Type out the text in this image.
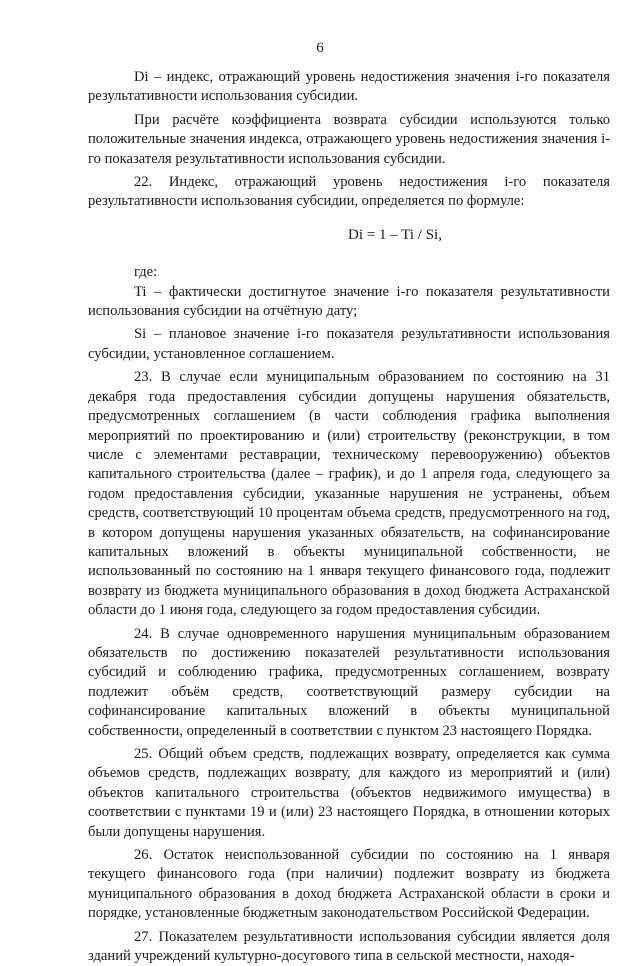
6

Di – индекс, отражающий уровень недостижения значения i-го показателя результативности использования субсидии.

При расчёте коэффициента возврата субсидии используются только положительные значения индекса, отражающего уровень недостижения значения i-го показателя результативности использования субсидии.

22. Индекс, отражающий уровень недостижения i-го показателя результативности использования субсидии, определяется по формуле:

Di = 1 – Ti / Si,

где:

Ti – фактически достигнутое значение i-го показателя результативности использования субсидии на отчётную дату;

Si – плановое значение i-го показателя результативности использования субсидии, установленное соглашением.

23. В случае если муниципальным образованием по состоянию на 31 декабря года предоставления субсидии допущены нарушения обязательств, предусмотренных соглашением (в части соблюдения графика выполнения мероприятий по проектированию и (или) строительству (реконструкции, в том числе с элементами реставрации, техническому перевооружению) объектов капитального строительства (далее – график), и до 1 апреля года, следующего за годом предоставления субсидии, указанные нарушения не устранены, объем средств, соответствующий 10 процентам объема средств, предусмотренного на год, в котором допущены нарушения указанных обязательств, на софинансирование капитальных вложений в объекты муниципальной собственности, не использованный по состоянию на 1 января текущего финансового года, подлежит возврату из бюджета муниципального образования в доход бюджета Астраханской области до 1 июня года, следующего за годом предоставления субсидии.

24. В случае одновременного нарушения муниципальным образованием обязательств по достижению показателей результативности использования субсидий и соблюдению графика, предусмотренных соглашением, возврату подлежит объём средств, соответствующий размеру субсидии на софинансирование капитальных вложений в объекты муниципальной собственности, определенный в соответствии с пунктом 23 настоящего Порядка.

25. Общий объем средств, подлежащих возврату, определяется как сумма объемов средств, подлежащих возврату, для каждого из мероприятий и (или) объектов капитального строительства (объектов недвижимого имущества) в соответствии с пунктами 19 и (или) 23 настоящего Порядка, в отношении которых были допущены нарушения.

26. Остаток неиспользованной субсидии по состоянию на 1 января текущего финансового года (при наличии) подлежит возврату из бюджета муниципального образования в доход бюджета Астраханской области в сроки и порядке, установленные бюджетным законодательством Российской Федерации.

27. Показателем результативности использования субсидии является доля зданий учреждений культурно-досугового типа в сельской местности, находя-
